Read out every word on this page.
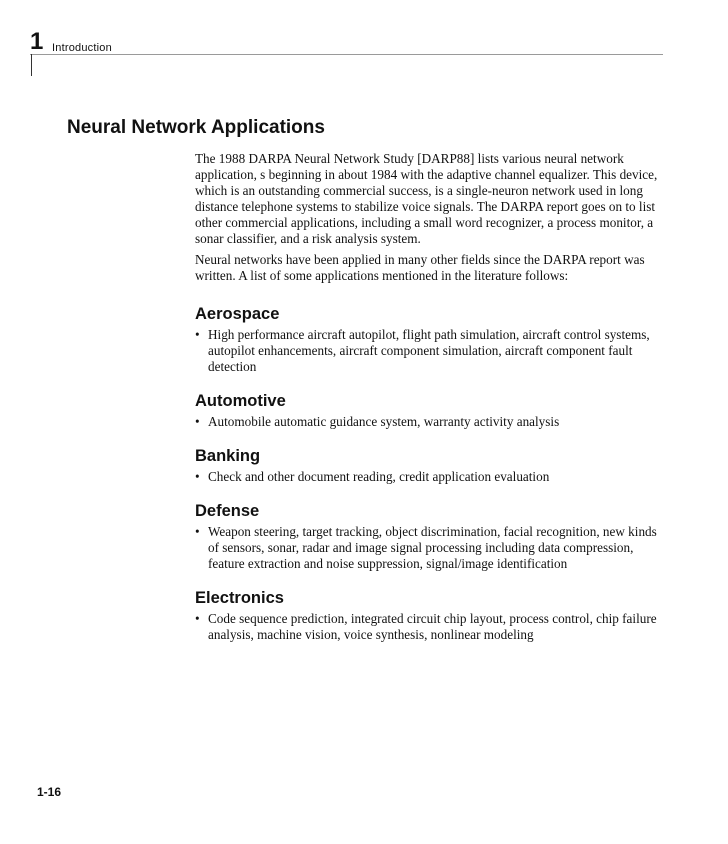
1 Introduction
Neural Network Applications

The 1988 DARPA Neural Network Study [DARP88] lists various neural network application, s beginning in about 1984 with the adaptive channel equalizer. This device, which is an outstanding commercial success, is a single-neuron network used in long distance telephone systems to stabilize voice signals. The DARPA report goes on to list other commercial applications, including a small word recognizer, a process monitor, a sonar classifier, and a risk analysis system.

Neural networks have been applied in many other fields since the DARPA report was written. A list of some applications mentioned in the literature follows:

Aerospace
• High performance aircraft autopilot, flight path simulation, aircraft control systems, autopilot enhancements, aircraft component simulation, aircraft component fault detection
Automotive
• Automobile automatic guidance system, warranty activity analysis
Banking
• Check and other document reading, credit application evaluation
Defense
• Weapon steering, target tracking, object discrimination, facial recognition, new kinds of sensors, sonar, radar and image signal processing including data compression, feature extraction and noise suppression, signal/image identification
Electronics
• Code sequence prediction, integrated circuit chip layout, process control, chip failure analysis, machine vision, voice synthesis, nonlinear modeling
1-16
